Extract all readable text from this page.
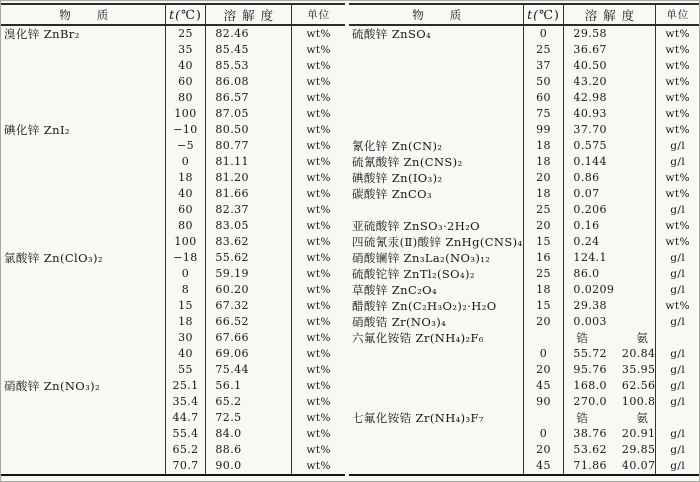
物　　质	t(℃)	溶 解 度	单位
溴化锌 ZnBr₂	25	82.46	wt%
	35	85.45	wt%
	40	85.53	wt%
	60	86.08	wt%
	80	86.57	wt%
	100	87.05	wt%
碘化锌 ZnI₂	−10	80.50	wt%
	−5	80.77	wt%
	0	81.11	wt%
	18	81.20	wt%
	40	81.66	wt%
	60	82.37	wt%
	80	83.05	wt%
	100	83.62	wt%
氯酸锌 Zn(ClO₃)₂	−18	55.62	wt%
	0	59.19	wt%
	8	60.20	wt%
	15	67.32	wt%
	18	66.52	wt%
	30	67.66	wt%
	40	69.06	wt%
	55	75.44	wt%
硝酸锌 Zn(NO₃)₂	25.1	56.1	wt%
	35.4	65.2	wt%
	44.7	72.5	wt%
	55.4	84.0	wt%
	65.2	88.6	wt%
	70.7	90.0	wt%
物　　质	t(℃)	溶 解 度	单位
硫酸锌 ZnSO₄	0	29.58	wt%
	25	36.67	wt%
	37	40.50	wt%
	50	43.20	wt%
	60	42.98	wt%
	75	40.93	wt%
	99	37.70	wt%
氰化锌 Zn(CN)₂	18	0.575	g/l
硫氰酸锌 Zn(CNS)₂	18	0.144	g/l
碘酸锌 Zn(IO₃)₂	20	0.86	wt%
碳酸锌 ZnCO₃	18	0.07	wt%
	25	0.206	g/l
亚硫酸锌 ZnSO₃·2H₂O	20	0.16	wt%
四硫氰汞(Ⅱ)酸锌 ZnHg(CNS)₄	15	0.24	wt%
硝酸镧锌 Zn₃La₂(NO₃)₁₂	16	124.1	g/l
硫酸铊锌 ZnTl₂(SO₄)₂	25	86.0	g/l
草酸锌 ZnC₂O₄	18	0.0209	g/l
醋酸锌 Zn(C₂H₃O₂)₂·H₂O	15	29.38	wt%
硝酸锆 Zr(NO₃)₄	20	0.003	g/l
六氟化铵锆 Zr(NH₄)₂F₆		锆 氨	
	0	55.72 20.84	g/l
	20	95.76 35.95	g/l
	45	168.0 62.56	g/l
	90	270.0 100.8	g/l
七氟化铵锆 Zr(NH₄)₃F₇		锆 氨	
	0	38.76 20.91	g/l
	20	53.62 29.85	g/l
	45	71.86 40.07	g/l
